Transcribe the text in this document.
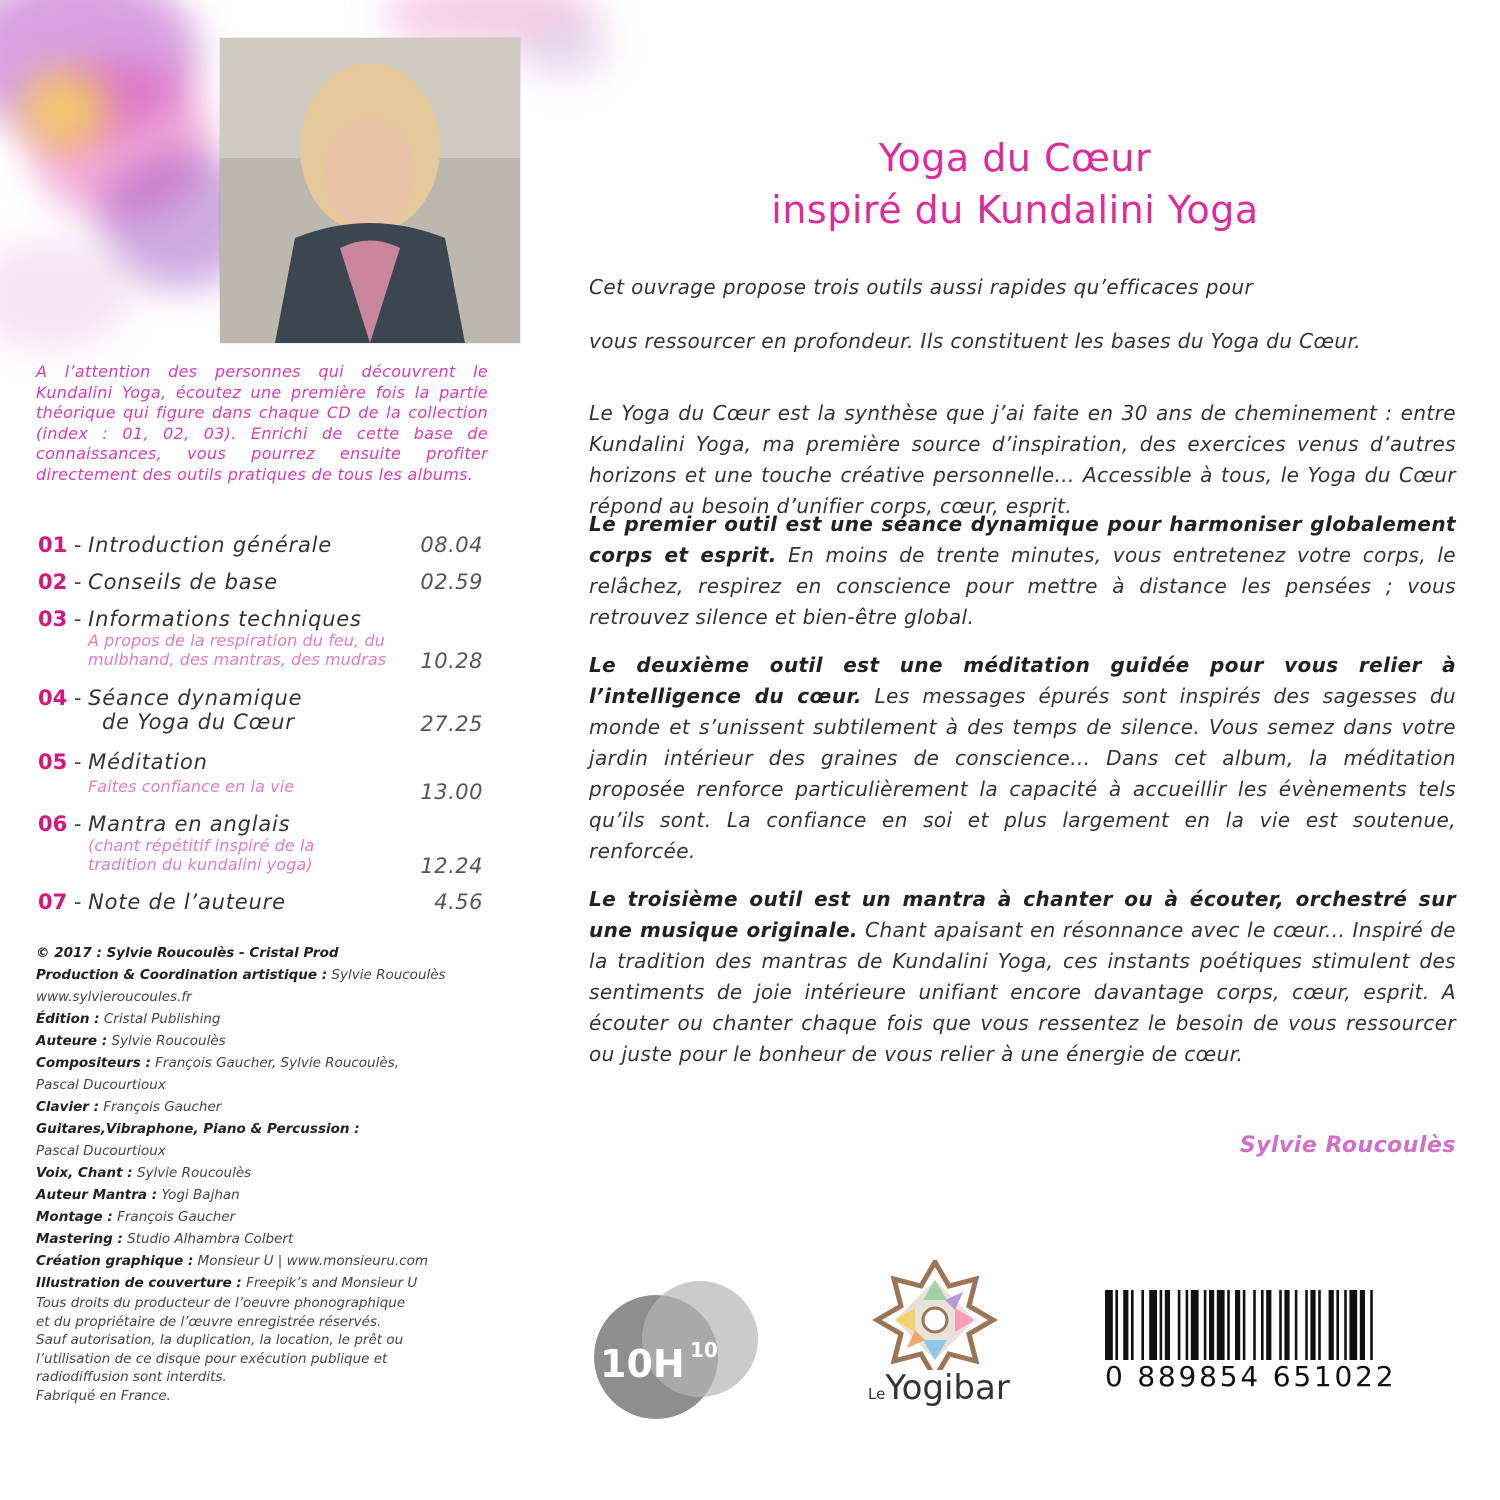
A l’attention des personnes qui découvrent le Kundalini Yoga, écoutez une première fois la partie théorique qui figure dans chaque CD de la collection (index : 01, 02, 03). Enrichi de cette base de connaissances, vous pourrez ensuite profiter directement des outils pratiques de tous les albums.
01 - Introduction générale	08.04
02 - Conseils de base	02.59
03 - Informations techniques
A propos de la respiration du feu, du
mulbhand, des mantras, des mudras	10.28
04 - Séance dynamique
de Yoga du Cœur	27.25
05 - Méditation
Faites confiance en la vie	13.00
06 - Mantra en anglais
(chant répétitif inspiré de la
tradition du kundalini yoga)	12.24
07 - Note de l’auteure	4.56
© 2017 : Sylvie Roucoulès - Cristal Prod
Production & Coordination artistique : Sylvie Roucoulès
www.sylvieroucoules.fr
Édition : Cristal Publishing
Auteure : Sylvie Roucoulès
Compositeurs : François Gaucher, Sylvie Roucoulès,
Pascal Ducourtioux
Clavier : François Gaucher
Guitares,Vibraphone, Piano & Percussion :
Pascal Ducourtioux
Voix, Chant : Sylvie Roucoulès
Auteur Mantra : Yogi Bajhan
Montage : François Gaucher
Mastering : Studio Alhambra Colbert
Création graphique : Monsieur U | www.monsieuru.com
Illustration de couverture : Freepik’s and Monsieur U
Tous droits du producteur de l’oeuvre phonographique
et du propriétaire de l’œuvre enregistrée réservés.
Sauf autorisation, la duplication, la location, le prêt ou
l’utilisation de ce disque pour exécution publique et
radiodiffusion sont interdits.
Fabriqué en France.
Yoga du Cœur
inspiré du Kundalini Yoga
Cet ouvrage propose trois outils aussi rapides qu’efficaces pour
vous ressourcer en profondeur. Ils constituent les bases du Yoga du Cœur.
Le Yoga du Cœur est la synthèse que j’ai faite en 30 ans de cheminement : entre Kundalini Yoga, ma première source d’inspiration, des exercices venus d’autres horizons et une touche créative personnelle... Accessible à tous, le Yoga du Cœur répond au besoin d’unifier corps, cœur, esprit.
Le premier outil est une séance dynamique pour harmoniser globalement corps et esprit. En moins de trente minutes, vous entretenez votre corps, le relâchez, respirez en conscience pour mettre à distance les pensées ; vous retrouvez silence et bien-être global.
Le deuxième outil est une méditation guidée pour vous relier à l’intelligence du cœur. Les messages épurés sont inspirés des sagesses du monde et s’unissent subtilement à des temps de silence. Vous semez dans votre jardin intérieur des graines de conscience… Dans cet album, la méditation proposée renforce particulièrement la capacité à accueillir les évènements tels qu’ils sont. La confiance en soi et plus largement en la vie est soutenue, renforcée.
Le troisième outil est un mantra à chanter ou à écouter, orchestré sur une musique originale. Chant apaisant en résonnance avec le cœur... Inspiré de la tradition des mantras de Kundalini Yoga, ces instants poétiques stimulent des sentiments de joie intérieure unifiant encore davantage corps, cœur, esprit. A écouter ou chanter chaque fois que vous ressentez le besoin de vous ressourcer ou juste pour le bonheur de vous relier à une énergie de cœur.
Sylvie Roucoulès
10H 10
LeYogibar	0 889854 651022
